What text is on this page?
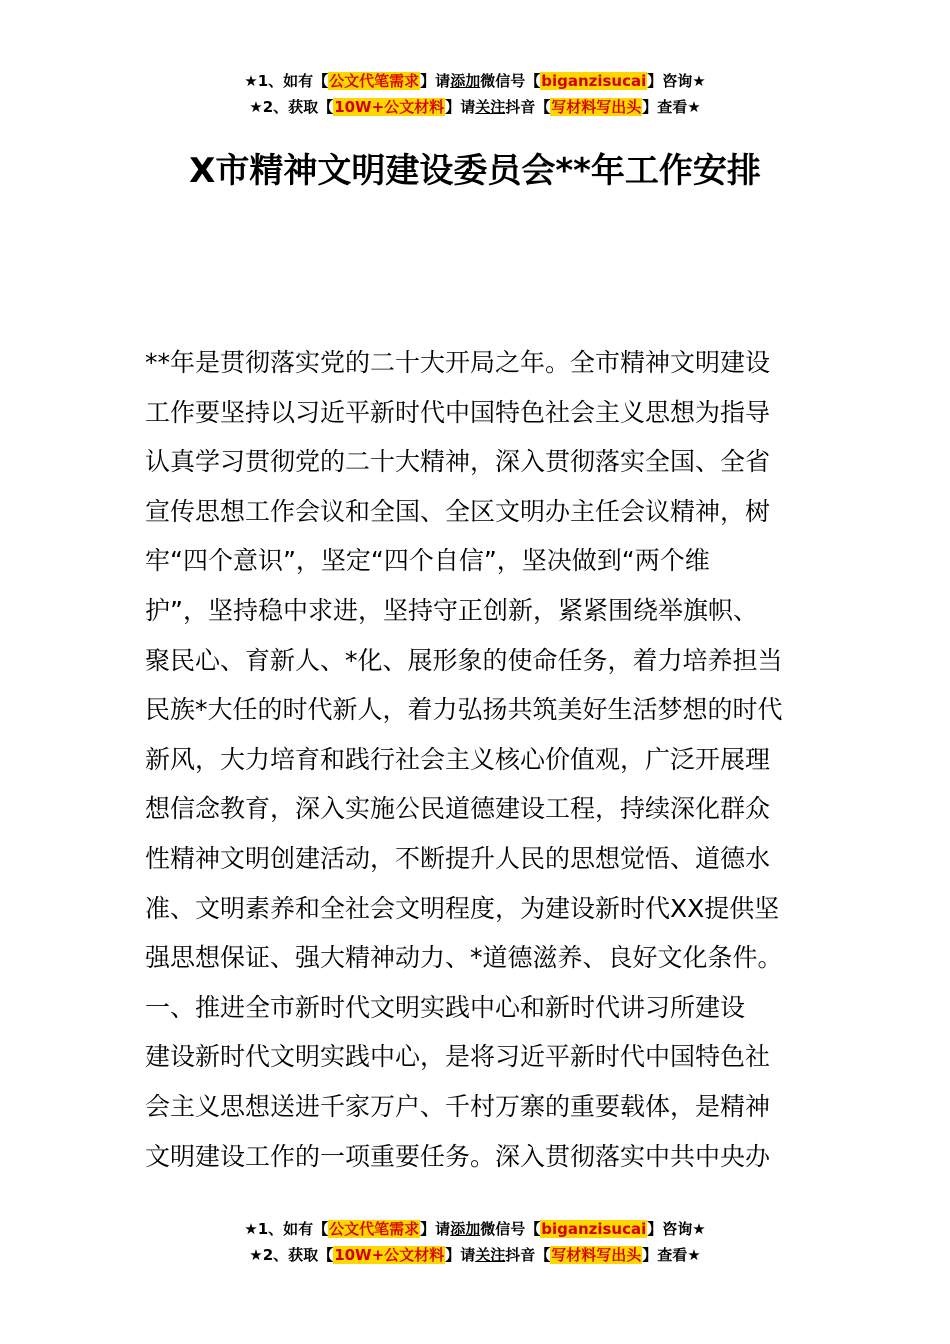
★1、如有【公文代笔需求】请添加微信号【biganzisucai】咨询★
★2、获取【10W+公文材料】请关注抖音【写材料写出头】查看★
X市精神文明建设委员会**年工作安排
**年是贯彻落实党的二十大开局之年。全市精神文明建设
工作要坚持以习近平新时代中国特色社会主义思想为指导
认真学习贯彻党的二十大精神，深入贯彻落实全国、全省
宣传思想工作会议和全国、全区文明办主任会议精神，树
牢“四个意识”，坚定“四个自信”，坚决做到“两个维
护”，坚持稳中求进，坚持守正创新，紧紧围绕举旗帜、
聚民心、育新人、*化、展形象的使命任务，着力培养担当
民族*大任的时代新人，着力弘扬共筑美好生活梦想的时代
新风，大力培育和践行社会主义核心价值观，广泛开展理
想信念教育，深入实施公民道德建设工程，持续深化群众
性精神文明创建活动，不断提升人民的思想觉悟、道德水
准、文明素养和全社会文明程度，为建设新时代XX提供坚
强思想保证、强大精神动力、*道德滋养、良好文化条件。
一、推进全市新时代文明实践中心和新时代讲习所建设
建设新时代文明实践中心，是将习近平新时代中国特色社
会主义思想送进千家万户、千村万寨的重要载体，是精神
文明建设工作的一项重要任务。深入贯彻落实中共中央办
★1、如有【公文代笔需求】请添加微信号【biganzisucai】咨询★
★2、获取【10W+公文材料】请关注抖音【写材料写出头】查看★
